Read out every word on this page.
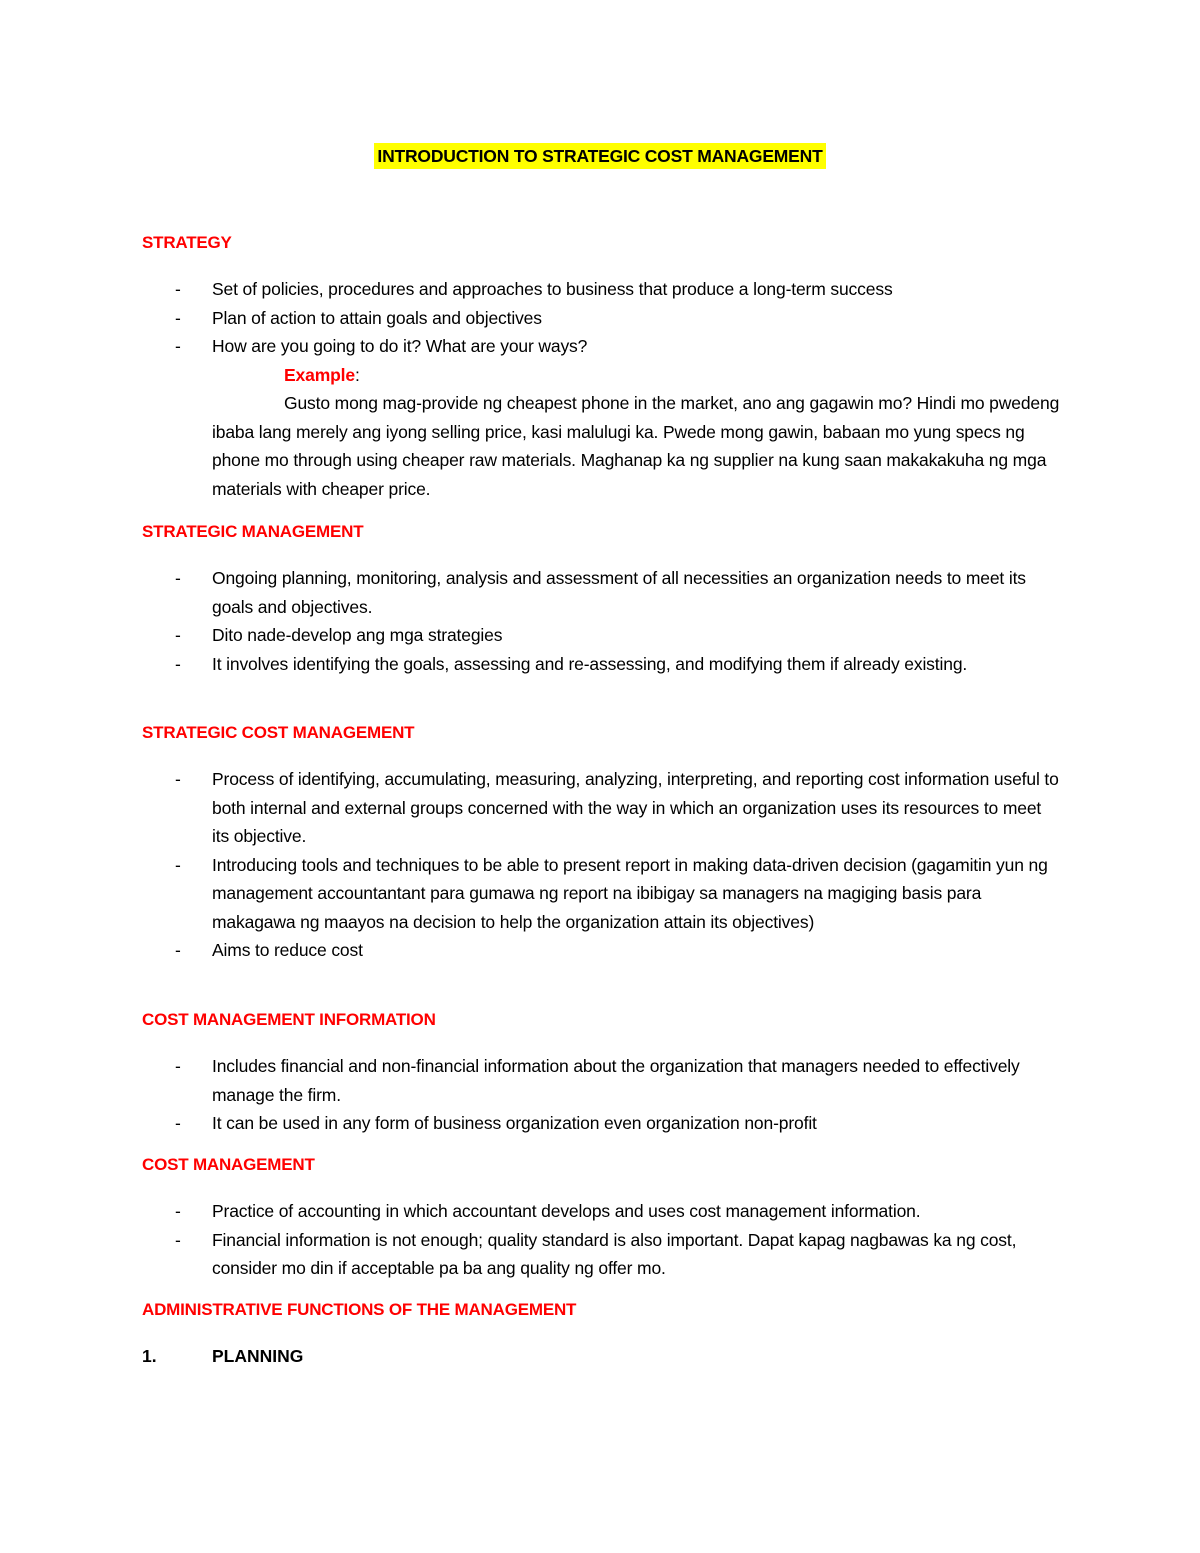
INTRODUCTION TO STRATEGIC COST MANAGEMENT
STRATEGY
- Set of policies, procedures and approaches to business that produce a long-term success
- Plan of action to attain goals and objectives
- How are you going to do it? What are your ways?
Example:
Gusto mong mag-provide ng cheapest phone in the market, ano ang gagawin mo? Hindi mo pwedeng ibaba lang merely ang iyong selling price, kasi malulugi ka. Pwede mong gawin, babaan mo yung specs ng phone mo through using cheaper raw materials. Maghanap ka ng supplier na kung saan makakakuha ng mga materials with cheaper price.
STRATEGIC MANAGEMENT
- Ongoing planning, monitoring, analysis and assessment of all necessities an organization needs to meet its goals and objectives.
- Dito nade-develop ang mga strategies
- It involves identifying the goals, assessing and re-assessing, and modifying them if already existing.
STRATEGIC COST MANAGEMENT
- Process of identifying, accumulating, measuring, analyzing, interpreting, and reporting cost information useful to both internal and external groups concerned with the way in which an organization uses its resources to meet its objective.
- Introducing tools and techniques to be able to present report in making data-driven decision (gagamitin yun ng management accountantant para gumawa ng report na ibibigay sa managers na magiging basis para makagawa ng maayos na decision to help the organization attain its objectives)
- Aims to reduce cost
COST MANAGEMENT INFORMATION
- Includes financial and non-financial information about the organization that managers needed to effectively manage the firm.
- It can be used in any form of business organization even organization non-profit
COST MANAGEMENT
- Practice of accounting in which accountant develops and uses cost management information.
- Financial information is not enough; quality standard is also important. Dapat kapag nagbawas ka ng cost, consider mo din if acceptable pa ba ang quality ng offer mo.
ADMINISTRATIVE FUNCTIONS OF THE MANAGEMENT
1.	PLANNING
